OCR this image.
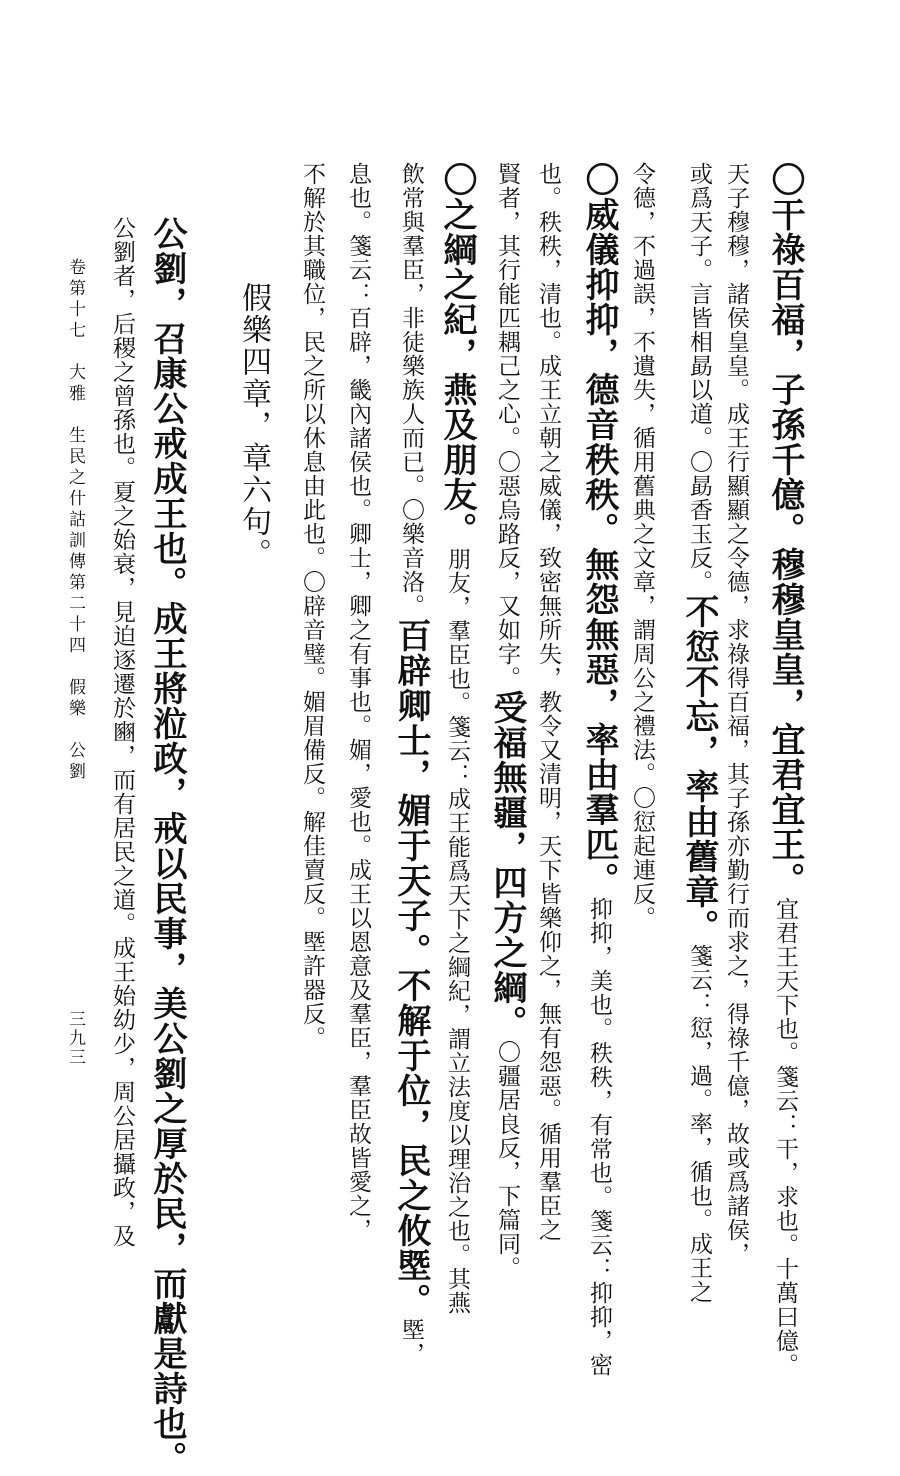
〇干祿百福，子孫千億。穆穆皇皇，宜君宜王。宜君王天下也。箋云：干，求也。十萬曰億。
天子穆穆，諸侯皇皇。成王行顯顯之令德，求祿得百福，其子孫亦勤行而求之，得祿千億，故或爲諸侯，
或爲天子。言皆相勗以道。〇勗香玉反。不愆不忘，率由舊章。箋云：愆，過。率，循也。成王之
令德，不過誤，不遺失，循用舊典之文章，謂周公之禮法。〇愆起連反。
〇威儀抑抑，德音秩秩。無怨無惡，率由羣匹。抑抑，美也。秩秩，有常也。箋云：抑抑，密
也。秩秩，清也。成王立朝之威儀，致密無所失，教令又清明，天下皆樂仰之，無有怨惡。循用羣臣之
賢者，其行能匹耦己之心。〇惡烏路反，又如字。受福無疆，四方之綱。〇疆居良反，下篇同。
〇之綱之紀，燕及朋友。朋友，羣臣也。箋云：成王能爲天下之綱紀，謂立法度以理治之也。其燕
飲常與羣臣，非徒樂族人而已。〇樂音洛。百辟卿士，媚于天子。不解于位，民之攸塈。塈，
息也。箋云：百辟，畿內諸侯也。卿士，卿之有事也。媚，愛也。成王以恩意及羣臣，羣臣故皆愛之，
不解於其職位，民之所以休息由此也。〇辟音璧。媚眉備反。解佳賣反。塈許器反。
假樂四章，章六句。
公劉，召康公戒成王也。成王將涖政，戒以民事，美公劉之厚於民，而獻是詩也。
公劉者，后稷之曾孫也。夏之始衰，見迫逐遷於豳，而有居民之道。成王始幼少，周公居攝政，及
卷第十七　大雅　生民之什詁訓傳第二十四　假樂　公劉
三九三
